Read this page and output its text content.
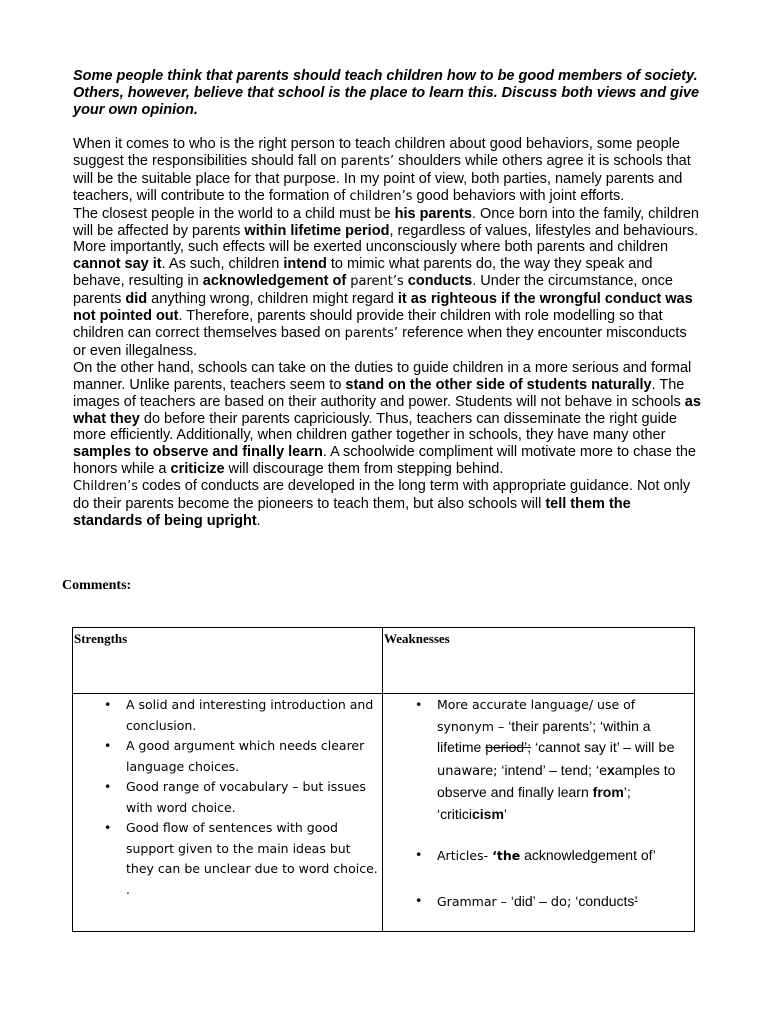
Some people think that parents should teach children how to be good members of society. Others, however, believe that school is the place to learn this. Discuss both views and give your own opinion.

When it comes to who is the right person to teach children about good behaviors, some people suggest the responsibilities should fall on parents’ shoulders while others agree it is schools that will be the suitable place for that purpose. In my point of view, both parties, namely parents and teachers, will contribute to the formation of children’s good behaviors with joint efforts.

The closest people in the world to a child must be his parents. Once born into the family, children will be affected by parents within lifetime period, regardless of values, lifestyles and behaviours. More importantly, such effects will be exerted unconsciously where both parents and children cannot say it. As such, children intend to mimic what parents do, the way they speak and behave, resulting in acknowledgement of parent’s conducts. Under the circumstance, once parents did anything wrong, children might regard it as righteous if the wrongful conduct was not pointed out. Therefore, parents should provide their children with role modelling so that children can correct themselves based on parents’ reference when they encounter misconducts or even illegalness.

On the other hand, schools can take on the duties to guide children in a more serious and formal manner. Unlike parents, teachers seem to stand on the other side of students naturally. The images of teachers are based on their authority and power. Students will not behave in schools as what they do before their parents capriciously. Thus, teachers can disseminate the right guide more efficiently. Additionally, when children gather together in schools, they have many other samples to observe and finally learn. A schoolwide compliment will motivate more to chase the honors while a criticize will discourage them from stepping behind.

Children’s codes of conducts are developed in the long term with appropriate guidance. Not only do their parents become the pioneers to teach them, but also schools will tell them the standards of being upright.

Comments:
Strengths	Weaknesses
• A solid and interesting introduction and conclusion.
• A good argument which needs clearer language choices.
• Good range of vocabulary – but issues with word choice.
• Good flow of sentences with good support given to the main ideas but they can be unclear due to word choice.
.
• More accurate language/ use of synonym – ‘their parents’; ‘within a lifetime period’; ‘cannot say it’ – will be unaware; ‘intend’ – tend; ‘examples to observe and finally learn from’; ‘criticicism’
• Articles- ‘the acknowledgement of’
• Grammar – ‘did’ – do; ‘conducts’
